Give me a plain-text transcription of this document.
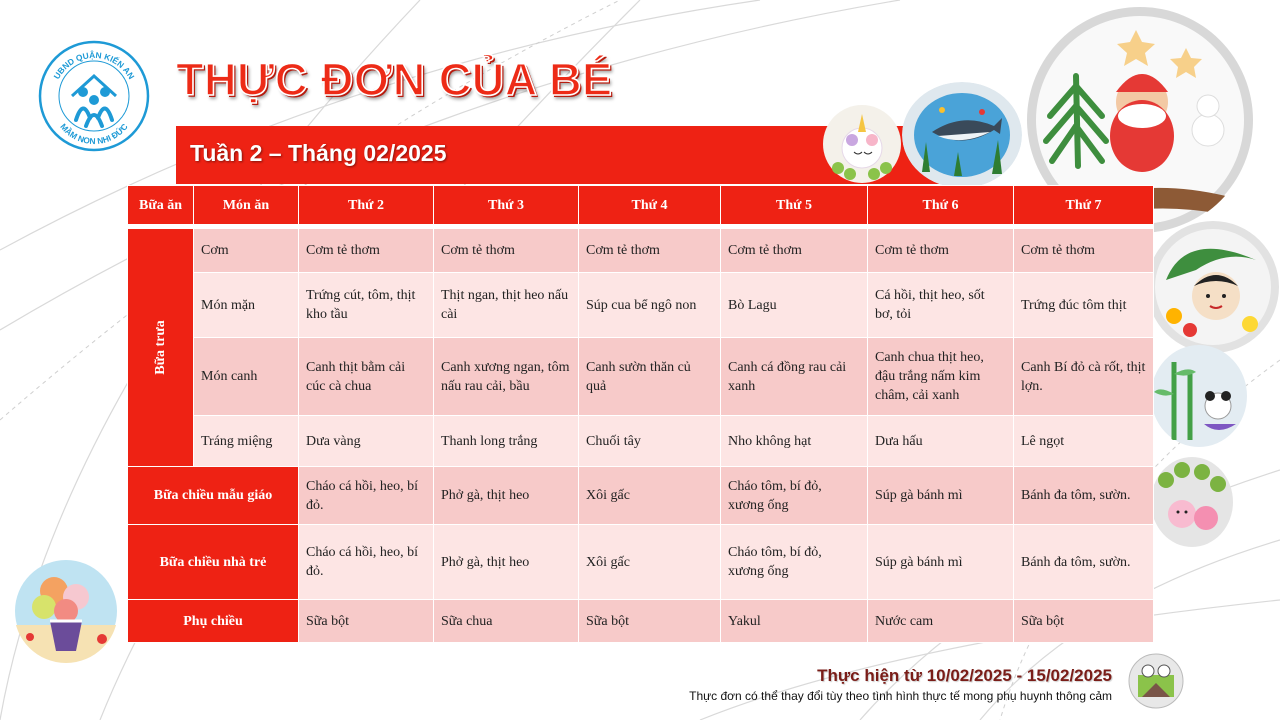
UBND QUẬN KIẾN AN
MẦM NON NHI ĐỨC
THỰC ĐƠN CỦA BÉ
Tuần 2 – Tháng 02/2025
Bữa ăn	Món ăn	Thứ 2	Thứ 3	Thứ 4	Thứ 5	Thứ 6	Thứ 7

Bữa trưa	Cơm	Cơm tẻ thơm	Cơm tẻ thơm	Cơm tẻ thơm	Cơm tẻ thơm	Cơm tẻ thơm	Cơm tẻ thơm
	Món mặn	Trứng cút, tôm, thịt kho tầu	Thịt ngan, thịt heo nấu cài	Súp cua bể ngô non	Bò Lagu	Cá hồi, thịt heo, sốt bơ, tỏi	Trứng đúc tôm thịt
	Món canh	Canh thịt bằm cải cúc cà chua	Canh xương ngan, tôm nấu rau cải, bầu	Canh sườn thăn củ quả	Canh cá đồng rau cải xanh	Canh chua thịt heo, đậu trắng nấm kim châm, cải xanh	Canh Bí đỏ cà rốt, thịt lợn.
	Tráng miệng	Dưa vàng	Thanh long trắng	Chuối tây	Nho không hạt	Dưa hấu	Lê ngọt

Bữa chiều mẫu giáo		Cháo cá hồi, heo, bí đỏ.	Phở gà, thịt heo	Xôi gấc	Cháo tôm, bí đỏ, xương ống	Súp gà bánh mì	Bánh đa tôm, sườn.
Bữa chiều nhà trẻ		Cháo cá hồi, heo, bí đỏ.	Phở gà, thịt heo	Xôi gấc	Cháo tôm, bí đỏ, xương ống	Súp gà bánh mì	Bánh đa tôm, sườn.
Phụ chiều		Sữa bột	Sữa chua	Sữa bột	Yakul	Nước cam	Sữa bột
Thực hiện từ 10/02/2025 - 15/02/2025
Thực đơn có thể thay đổi tùy theo tình hình thực tế mong phụ huynh thông cảm
